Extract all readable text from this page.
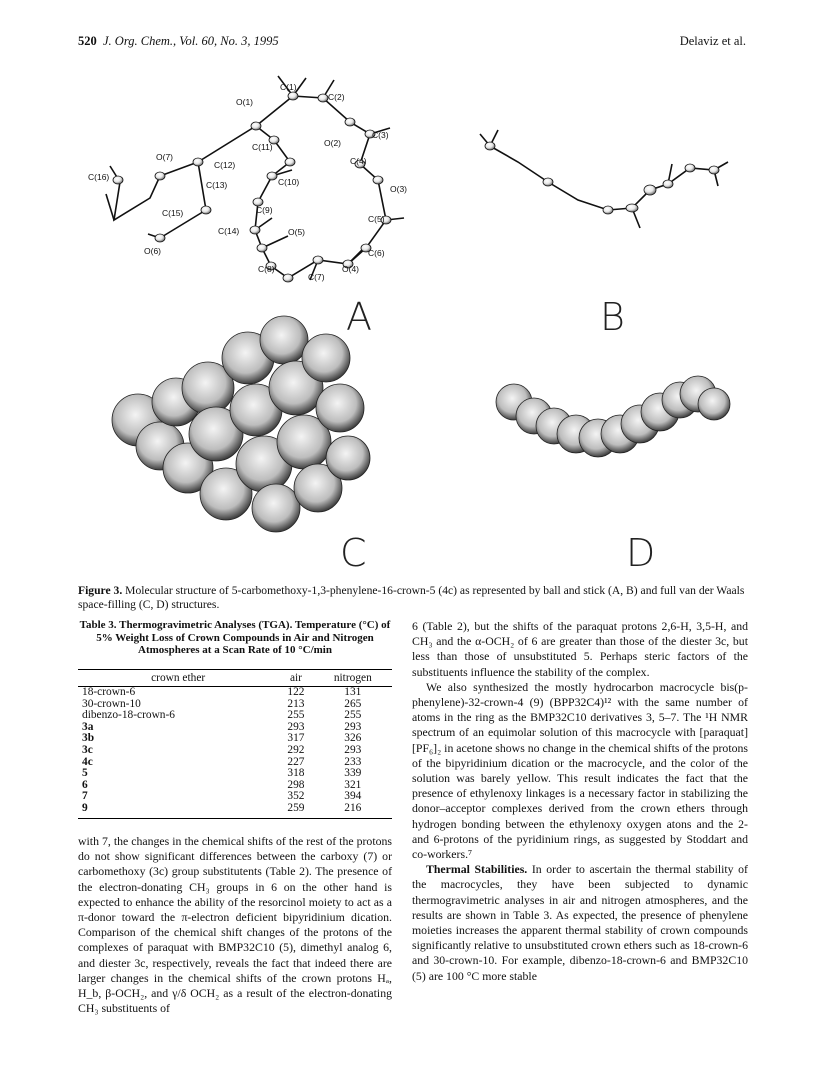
520 J. Org. Chem., Vol. 60, No. 3, 1995	Delaviz et al.
C(1)
O(1)	C(2)
C(3)
O(2)
C(4)
C(11)
C(10)
C(12)
O(7)
C(16)
C(13)
C(15)
O(6)
O(3)
C(9)
C(14)	O(5)
C(5)
C(6)
C(8)
C(7)
O(4)
A	B
C	D
Figure 3. Molecular structure of 5-carbomethoxy-1,3-phenylene-16-crown-5 (4c) as represented by ball and stick (A, B) and full van der Waals space-filling (C, D) structures.
Table 3. Thermogravimetric Analyses (TGA). Temperature (°C) of 5% Weight Loss of Crown Compounds in Air and Nitrogen Atmospheres at a Scan Rate of 10 °C/min
crown ether	air	nitrogen
18-crown-6	122	131
30-crown-10	213	265
dibenzo-18-crown-6	255	255
3a	293	293
3b	317	326
3c	292	293
4c	227	233
5	318	339
6	298	321
7	352	394
9	259	216

with 7, the changes in the chemical shifts of the rest of the protons do not show significant differences between the carboxy (7) or carbomethoxy (3c) group substitutents (Table 2). The presence of the electron-donating CH₃ groups in 6 on the other hand is expected to enhance the ability of the resorcinol moiety to act as a π-donor toward the π-electron deficient bipyridinium dication. Comparison of the chemical shift changes of the protons of the complexes of paraquat with BMP32C10 (5), dimethyl analog 6, and diester 3c, respectively, reveals the fact that indeed there are larger changes in the chemical shifts of the crown protons Hₐ, H_b, β-OCH₂, and γ/δ OCH₂ as a result of the electron-donating CH₃ substituents of

6 (Table 2), but the shifts of the paraquat protons 2,6-H, 3,5-H, and CH₃ and the α-OCH₂ of 6 are greater than those of the diester 3c, but less than those of unsubstituted 5. Perhaps steric factors of the substituents influence the stability of the complex.

We also synthesized the mostly hydrocarbon macrocycle bis(p-phenylene)-32-crown-4 (9) (BPP32C4)¹² with the same number of atoms in the ring as the BMP32C10 derivatives 3, 5–7. The ¹H NMR spectrum of an equimolar solution of this macrocycle with [paraquat] [PF₆]₂ in acetone shows no change in the chemical shifts of the protons of the bipyridinium dication or the macrocycle, and the color of the solution was barely yellow. This result indicates the fact that the presence of ethylenoxy linkages is a necessary factor in stabilizing the donor–acceptor complexes derived from the crown ethers through hydrogen bonding between the ethylenoxy oxygen atons and the 2- and 6-protons of the pyridinium rings, as suggested by Stoddart and co-workers.⁷

Thermal Stabilities. In order to ascertain the thermal stability of the macrocycles, they have been subjected to dynamic thermogravimetric analyses in air and nitrogen atmospheres, and the results are shown in Table 3. As expected, the presence of phenylene moieties increases the apparent thermal stability of crown compounds significantly relative to unsubstituted crown ethers such as 18-crown-6 and 30-crown-10. For example, dibenzo-18-crown-6 and BMP32C10 (5) are 100 °C more stable
